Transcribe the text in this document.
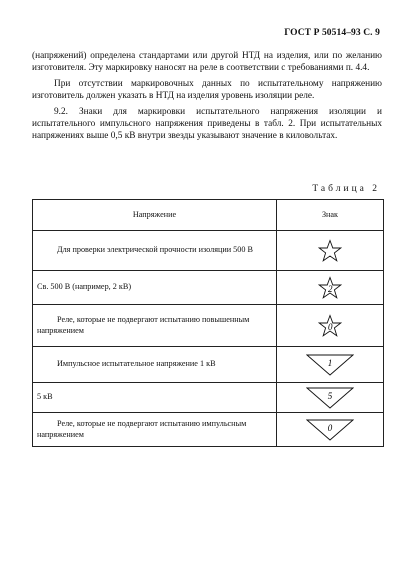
ГОСТ Р 50514–93 С. 9

(напряжений) определена стандартами или другой НТД на изделия, или по желанию изготовителя. Эту маркировку наносят на реле в соответствии с требованиями п. 4.4.

При отсутствии маркировочных данных по испытательному напряжению изготовитель должен указать в НТД на изделия уровень изоляции реле.

9.2. Знаки для маркировки испытательного напряжения изоляции и испытательного импульсного напряжения приведены в табл. 2. При испытательных напряжениях выше 0,5 кВ внутри звезды указывают значение в киловольтах.

Таблица 2
Напряжение	Знак
Для проверки электрической прочности изоляции 500 В	

Св. 500 В (например, 2 кВ)	2

Реле, которые не подвергают испытанию повышенным напряжением	0

Импульсное испытательное напряжение 1 кВ	1

5 кВ	5

Реле, которые не подвергают испытанию импульсным напряжением	0
